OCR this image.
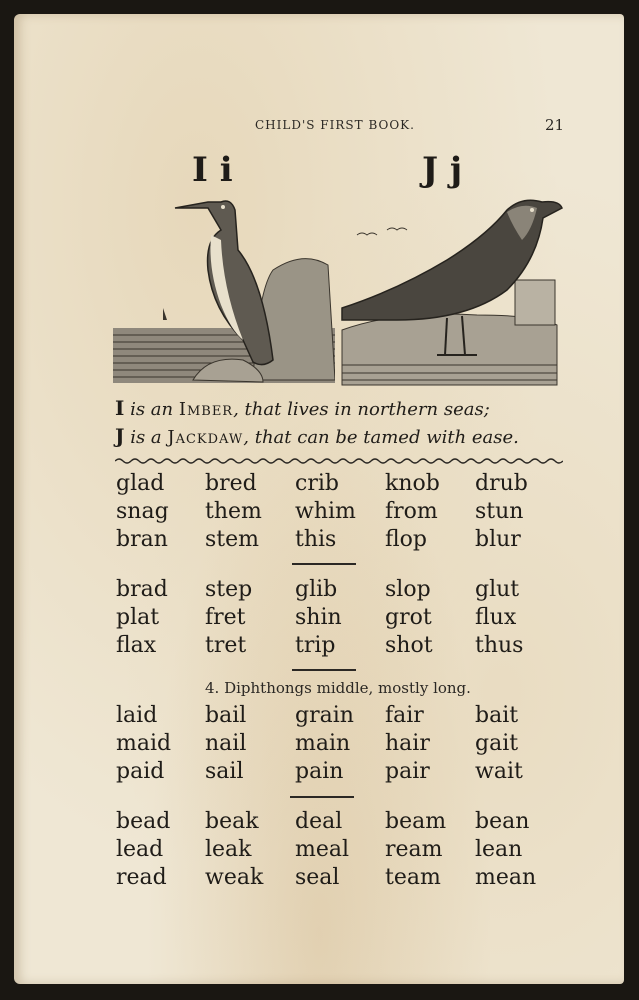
CHILD'S FIRST BOOK.	21
I i	J j
I is an Imber, that lives in northern seas;
J is a Jackdaw, that can be tamed with ease.
glad	bred	crib	knob	drub
snag	them	whim	from	stun
bran	stem	this	flop	blur
brad	step	glib	slop	glut
plat	fret	shin	grot	flux
flax	tret	trip	shot	thus
4. Diphthongs middle, mostly long.
laid	bail	grain	fair	bait
maid	nail	main	hair	gait
paid	sail	pain	pair	wait
bead	beak	deal	beam	bean
lead	leak	meal	ream	lean
read	weak	seal	team	mean
